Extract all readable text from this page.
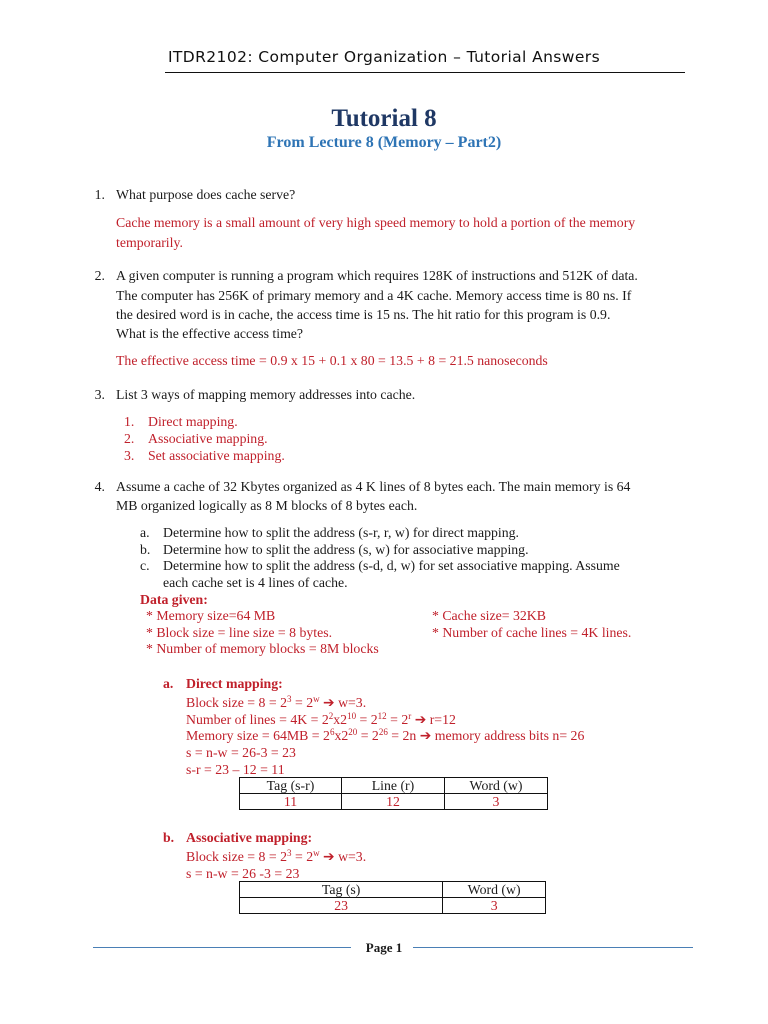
ITDR2102: Computer Organization – Tutorial Answers
Tutorial 8
From Lecture 8 (Memory – Part2)
1. What purpose does cache serve?
Cache memory is a small amount of very high speed memory to hold a portion of the memory
temporarily.
2. A given computer is running a program which requires 128K of instructions and 512K of data.
The computer has 256K of primary memory and a 4K cache. Memory access time is 80 ns. If
the desired word is in cache, the access time is 15 ns. The hit ratio for this program is 0.9.
What is the effective access time?
The effective access time = 0.9 x 15 + 0.1 x 80 = 13.5 + 8 = 21.5 nanoseconds
3. List 3 ways of mapping memory addresses into cache.
1. Direct mapping.
2. Associative mapping.
3. Set associative mapping.
4. Assume a cache of 32 Kbytes organized as 4 K lines of 8 bytes each. The main memory is 64
MB organized logically as 8 M blocks of 8 bytes each.
a. Determine how to split the address (s-r, r, w) for direct mapping.
b. Determine how to split the address (s, w) for associative mapping.
c. Determine how to split the address (s-d, d, w) for set associative mapping. Assume
each cache set is 4 lines of cache.
Data given:
* Memory size=64 MB	* Cache size= 32KB
* Block size = line size = 8 bytes.	* Number of cache lines = 4K lines.
* Number of memory blocks = 8M blocks
a. Direct mapping:
Block size = $8 = 2^3 = 2^w$ ➔ w=3.
Number of lines = $4K = 2^2x2^{10} = 2^{12} = 2^r$ ➔ r=12
Memory size = $64MB = 2^6x2^{20} = 2^{26} = 2n$ ➔ memory address bits n= 26
s = n-w = 26-3 = 23
s-r = 23 – 12 = 11
Tag (s-r)	Line (r)	Word (w)
11	12	3
b. Associative mapping:
Block size = $8 = 2^3 = 2^w$ ➔ w=3.
s = n-w = 26 -3 = 23
Tag (s)	Word (w)
23	3
Page 1
